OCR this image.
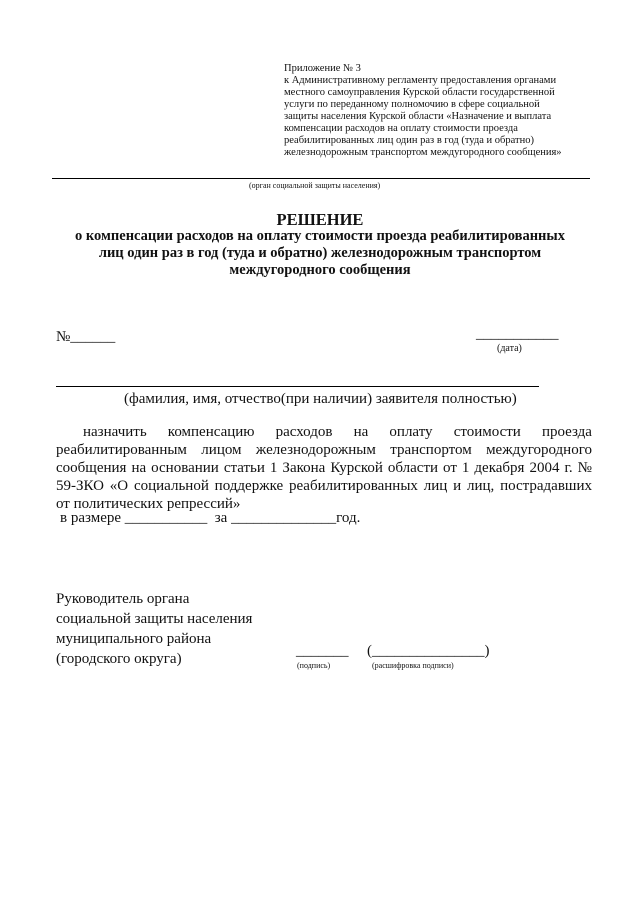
Приложение № 3
к Административному регламенту предоставления органами
местного самоуправления Курской области государственной
услуги по переданному полномочию в сфере социальной
защиты населения Курской области «Назначение и выплата
компенсации расходов на оплату стоимости проезда
реабилитированных лиц один раз в год (туда и обратно)
железнодорожным транспортом междугородного сообщения»
(орган социальной защиты населения)
РЕШЕНИЕ
о компенсации расходов на оплату стоимости проезда реабилитированных
лиц один раз в год (туда и обратно) железнодорожным транспортом
междугородного сообщения
№______	___________
(дата)
(фамилия, имя, отчество(при наличии) заявителя полностью)
назначить компенсацию расходов на оплату стоимости проезда
реабилитированным лицом железнодорожным транспортом междугородного
сообщения на основании статьи 1 Закона Курской области от 1 декабря 2004 г. №
59-ЗКО «О социальной поддержке реабилитированных лиц и лиц, пострадавших
от политических репрессий»
в размере ___________  за ______________год.
Руководитель органа
социальной защиты населения
муниципального района
(городского округа)	_______
(подпись)
(_______________)
(расшифровка подписи)
